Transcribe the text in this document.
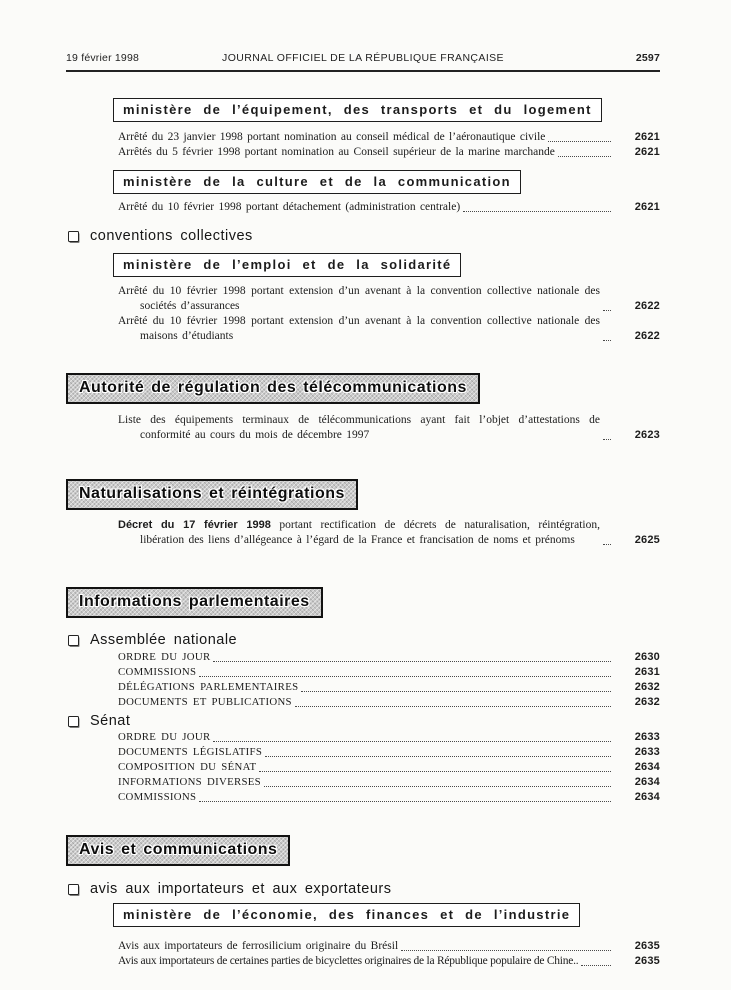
19 février 1998	JOURNAL OFFICIEL DE LA RÉPUBLIQUE FRANÇAISE	2597
ministère de l’équipement, des transports et du logement
Arrêté du 23 janvier 1998 portant nomination au conseil médical de l’aéronautique civile	2621
Arrêtés du 5 février 1998 portant nomination au Conseil supérieur de la marine marchande	2621
ministère de la culture et de la communication
Arrêté du 10 février 1998 portant détachement (administration centrale)	2621
conventions collectives
ministère de l’emploi et de la solidarité
Arrêté du 10 février 1998 portant extension d’un avenant à la convention collective nationale des sociétés d’assurances	2622
Arrêté du 10 février 1998 portant extension d’un avenant à la convention collective nationale des maisons d’étudiants	2622
Autorité de régulation des télécommunications
Liste des équipements terminaux de télécommunications ayant fait l’objet d’attestations de conformité au cours du mois de décembre 1997	2623
Naturalisations et réintégrations
Décret du 17 février 1998 portant rectification de décrets de naturalisation, réintégration, libération des liens d’allégeance à l’égard de la France et francisation de noms et prénoms	2625
Informations parlementaires
Assemblée nationale
ORDRE DU JOUR	2630
COMMISSIONS	2631
DÉLÉGATIONS PARLEMENTAIRES	2632
DOCUMENTS ET PUBLICATIONS	2632
Sénat
ORDRE DU JOUR	2633
DOCUMENTS LÉGISLATIFS	2633
COMPOSITION DU SÉNAT	2634
INFORMATIONS DIVERSES	2634
COMMISSIONS	2634
Avis et communications
avis aux importateurs et aux exportateurs
ministère de l’économie, des finances et de l’industrie
Avis aux importateurs de ferrosilicium originaire du Brésil	2635
Avis aux importateurs de certaines parties de bicyclettes originaires de la République populaire de Chine..	2635
